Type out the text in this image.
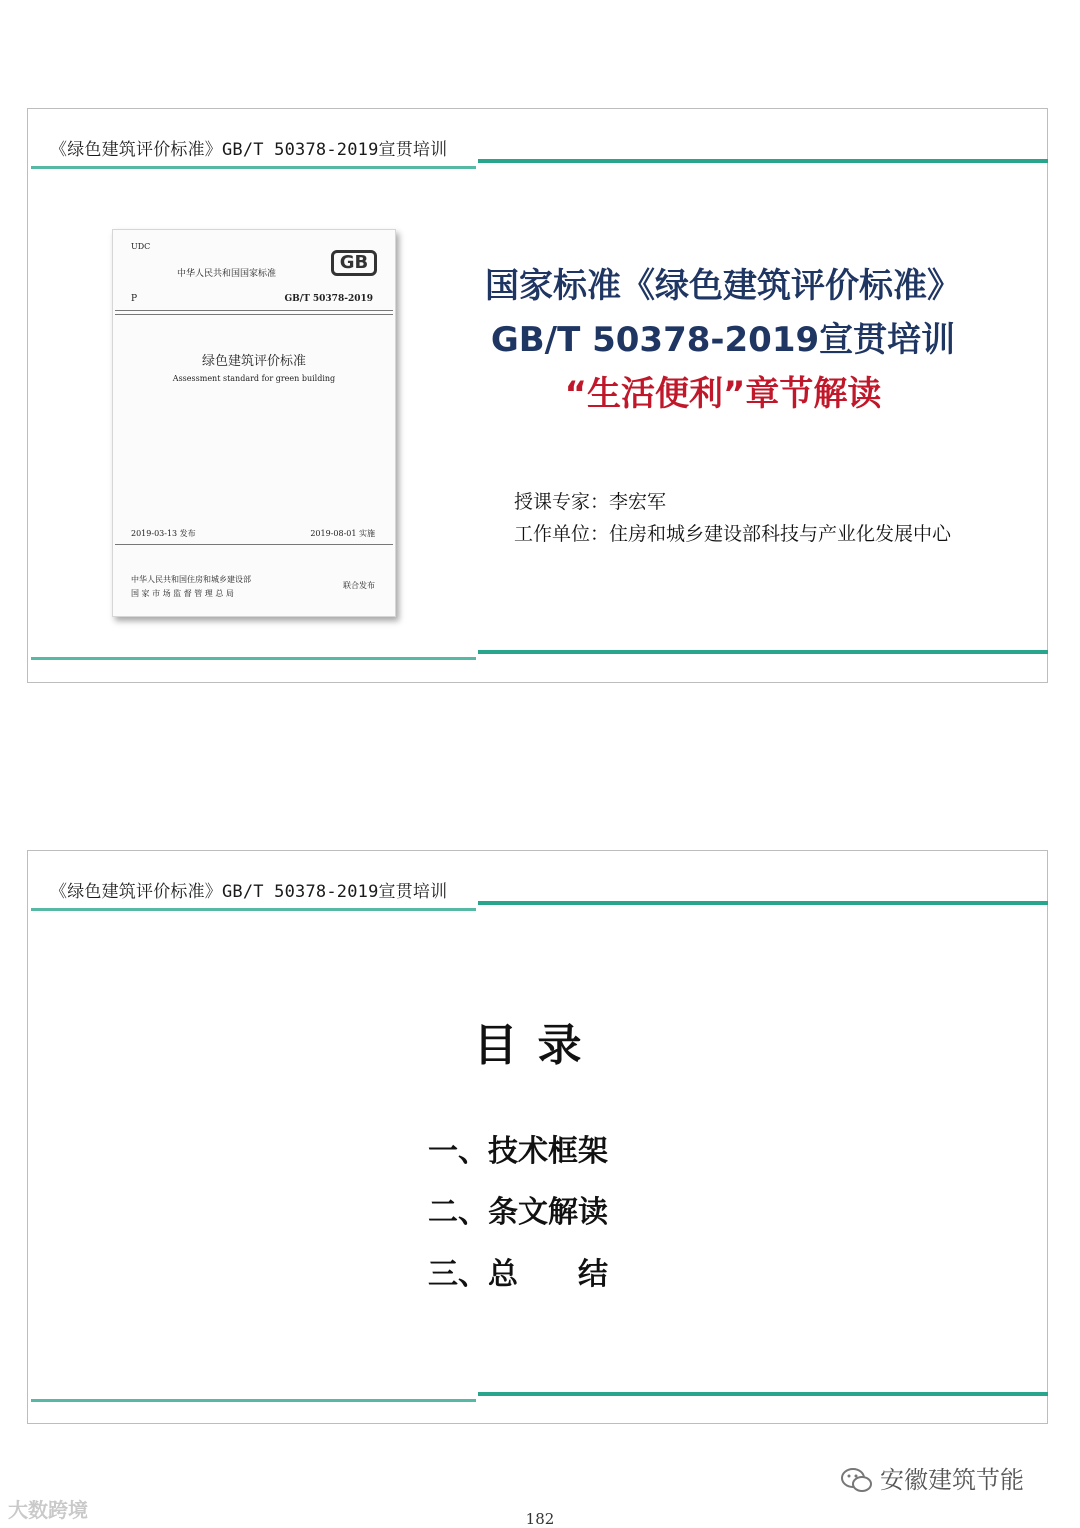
《绿色建筑评价标准》GB/T 50378-2019宣贯培训
UDC
中华人民共和国国家标准
GB
P	GB/T 50378-2019
绿色建筑评价标准
Assessment standard for green building
2019-03-13 发布	2019-08-01 实施
中华人民共和国住房和城乡建设部
国 家 市 场 监 督 管 理 总 局
联合发布
国家标准《绿色建筑评价标准》
GB/T 50378-2019宣贯培训
“生活便利”章节解读
授课专家：李宏军
工作单位：住房和城乡建设部科技与产业化发展中心
《绿色建筑评价标准》GB/T 50378-2019宣贯培训
目录
一、技术框架
二、条文解读
三、总　　结
大数跨境
安徽建筑节能
182
